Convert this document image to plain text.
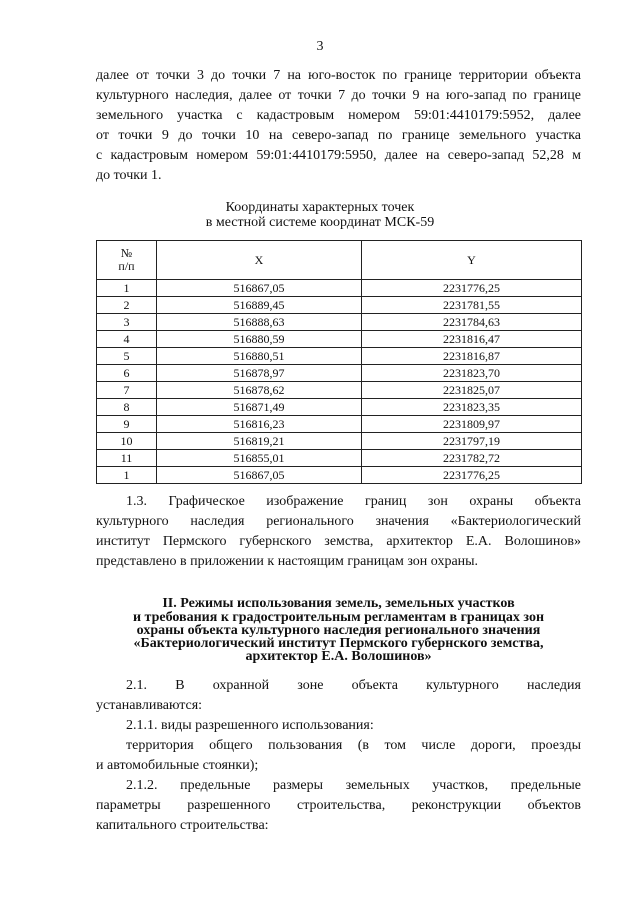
3
далее от точки 3 до точки 7 на юго-восток по границе территории объекта
культурного наследия, далее от точки 7 до точки 9 на юго-запад по границе
земельного участка с кадастровым номером 59:01:4410179:5952, далее
от точки 9 до точки 10 на северо-запад по границе земельного участка
с кадастровым номером 59:01:4410179:5950, далее на северо-запад 52,28 м
до точки 1.
Координаты характерных точек
в местной системе координат МСК-59
№
п/п	X	Y
1	516867,05	2231776,25
2	516889,45	2231781,55
3	516888,63	2231784,63
4	516880,59	2231816,47
5	516880,51	2231816,87
6	516878,97	2231823,70
7	516878,62	2231825,07
8	516871,49	2231823,35
9	516816,23	2231809,97
10	516819,21	2231797,19
11	516855,01	2231782,72
1	516867,05	2231776,25
1.3. Графическое изображение границ зон охраны объекта
культурного наследия регионального значения «Бактериологический
институт Пермского губернского земства, архитектор Е.А. Волошинов»
представлено в приложении к настоящим границам зон охраны.
II. Режимы использования земель, земельных участков
и требования к градостроительным регламентам в границах зон
охраны объекта культурного наследия регионального значения
«Бактериологический институт Пермского губернского земства,
архитектор Е.А. Волошинов»
2.1. В охранной зоне объекта культурного наследия
устанавливаются:
2.1.1. виды разрешенного использования:
территория общего пользования (в том числе дороги, проезды
и автомобильные стоянки);
2.1.2. предельные размеры земельных участков, предельные
параметры разрешенного строительства, реконструкции объектов
капитального строительства:
